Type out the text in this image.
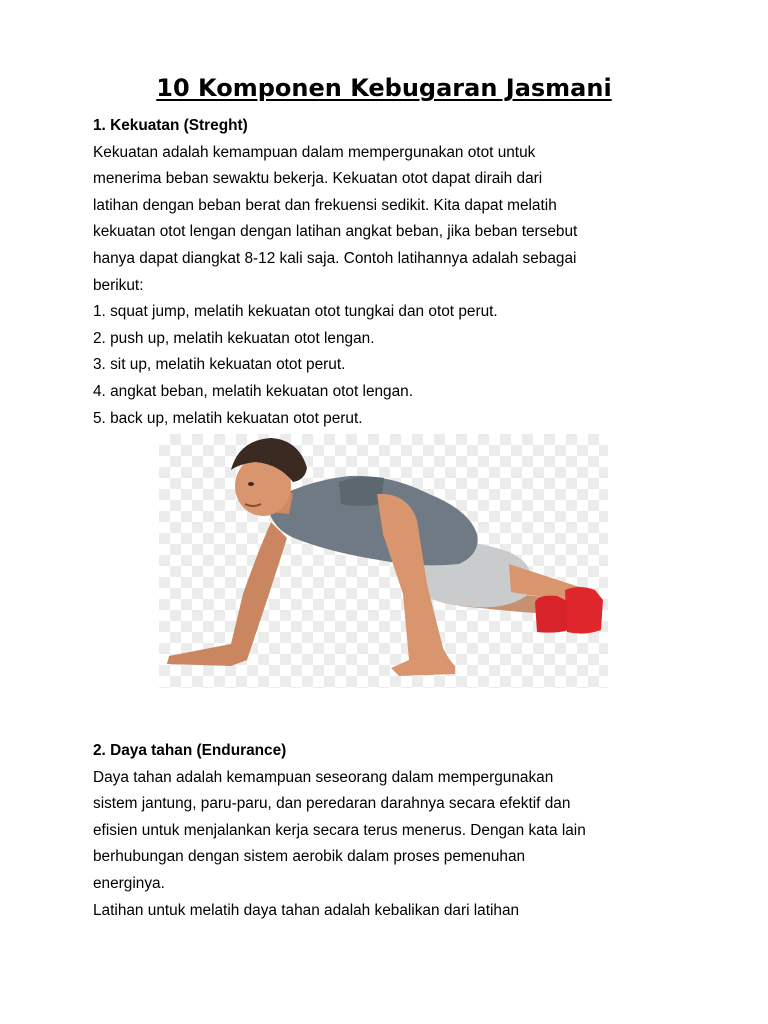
10 Komponen Kebugaran Jasmani

1. Kekuatan (Streght)

Kekuatan adalah kemampuan dalam mempergunakan otot untuk

menerima beban sewaktu bekerja. Kekuatan otot dapat diraih dari

latihan dengan beban berat dan frekuensi sedikit. Kita dapat melatih

kekuatan otot lengan dengan latihan angkat beban, jika beban tersebut

hanya dapat diangkat 8-12 kali saja. Contoh latihannya adalah sebagai

berikut:

1. squat jump, melatih kekuatan otot tungkai dan otot perut.

2. push up, melatih kekuatan otot lengan.

3. sit up, melatih kekuatan otot perut.

4. angkat beban, melatih kekuatan otot lengan.

5. back up, melatih kekuatan otot perut.

2. Daya tahan (Endurance)

Daya tahan adalah kemampuan seseorang dalam mempergunakan

sistem jantung, paru-paru, dan peredaran darahnya secara efektif dan

efisien untuk menjalankan kerja secara terus menerus. Dengan kata lain

berhubungan dengan sistem aerobik dalam proses pemenuhan

energinya.

Latihan untuk melatih daya tahan adalah kebalikan dari latihan
